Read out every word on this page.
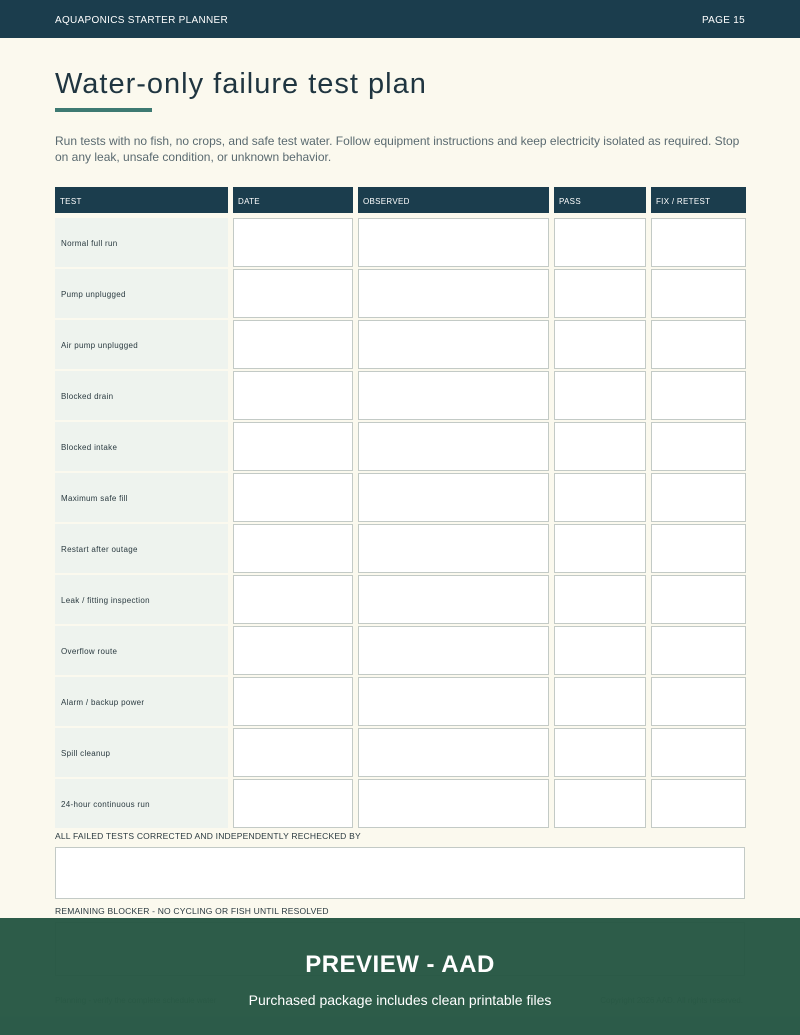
AQUAPONICS STARTER PLANNER	PAGE 15
Water-only failure test plan

Run tests with no fish, no crops, and safe test water. Follow equipment instructions and keep electricity isolated as required. Stop on any leak, unsafe condition, or unknown behavior.

TEST	DATE	OBSERVED	PASS	FIX / RETEST
Normal full run
Pump unplugged
Air pump unplugged
Blocked drain
Blocked intake
Maximum safe fill
Restart after outage
Leak / fitting inspection
Overflow route
Alarm / backup power
Spill cleanup
24-hour continuous run
ALL FAILED TESTS CORRECTED AND INDEPENDENTLY RECHECKED BY
REMAINING BLOCKER - NO CYCLING OR FISH UNTIL RESOLVED
PREVIEW - AAD
Purchased package includes clean printable files
